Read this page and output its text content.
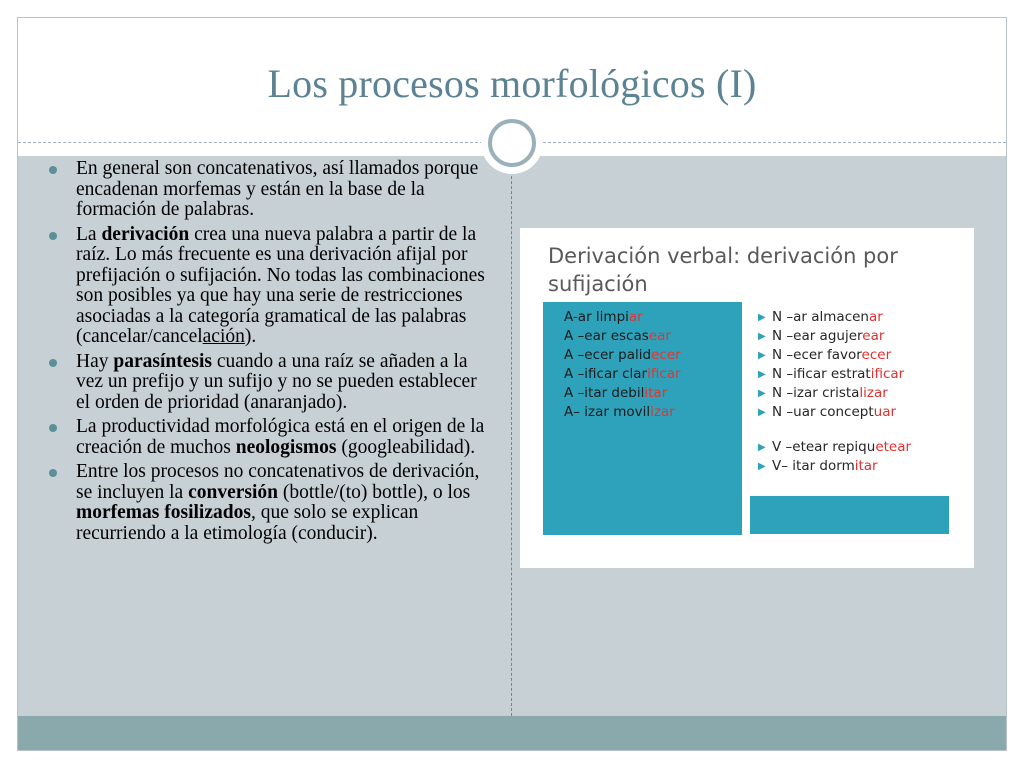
Los procesos morfológicos (I)
En general son concatenativos, así llamados porque encadenan morfemas y están en la base de la formación de palabras.
La derivación crea una nueva palabra a partir de la raíz. Lo más frecuente es una derivación afijal por prefijación o sufijación. No todas las combinaciones son posibles ya que hay una serie de restricciones asociadas a la categoría gramatical de las palabras (cancelar/cancelación).
Hay parasíntesis cuando a una raíz se añaden a la vez un prefijo y un sufijo y no se pueden establecer el orden de prioridad (anaranjado).
La productividad morfológica está en el origen de la creación de muchos neologismos (googleabilidad).
Entre los procesos no concatenativos de derivación, se incluyen la conversión (bottle/(to) bottle), o los morfemas fosilizados, que solo se explican recurriendo a la etimología (conducir).
Derivación verbal: derivación por sufijación
A-ar limpiar
A –ear escasear
A –ecer palidecer
A –ificar clarificar
A –itar debilitar
A– izar movilizar
▶ N –ar almacenar
▶ N –ear agujerear
▶ N –ecer favorecer
▶ N –ificar estratificar
▶ N –izar cristalizar
▶ N –uar conceptuar
▶ V –etear repiquetear
▶ V– itar dormitar
